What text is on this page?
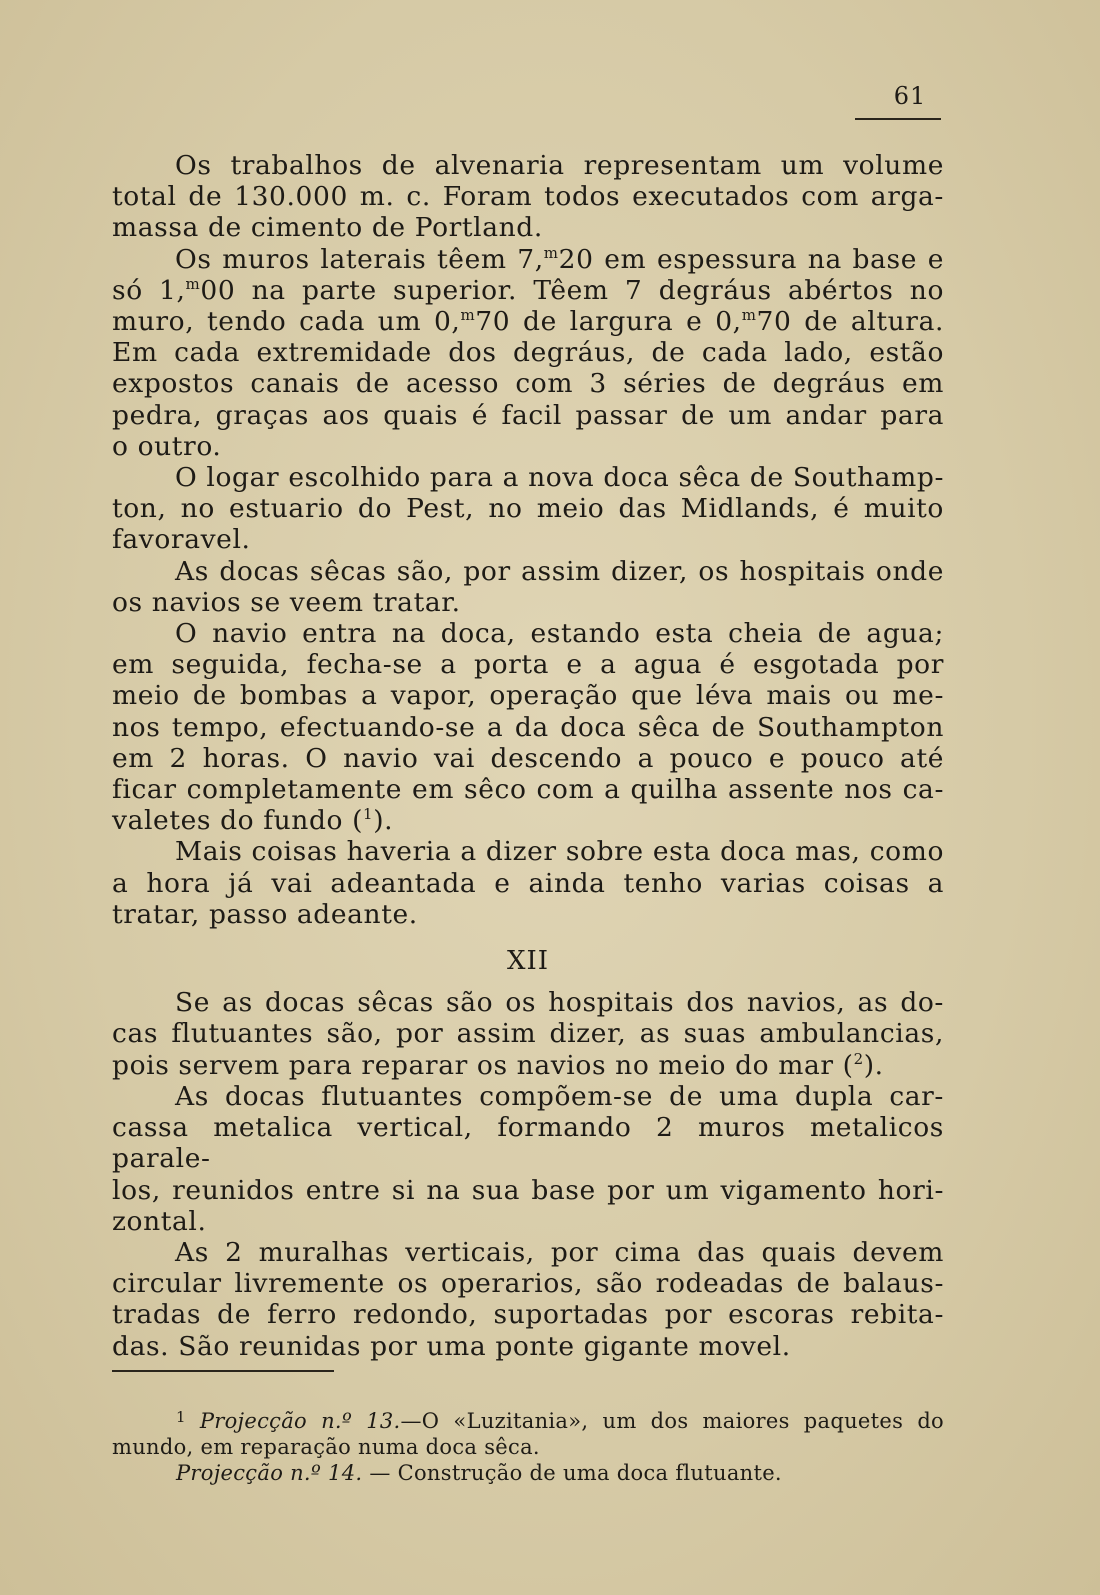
61

Os trabalhos de alvenaria representam um volume
total de 130.000 m. c. Foram todos executados com arga-
massa de cimento de Portland.

Os muros laterais têem 7,$^m$20 em espessura na base e
só 1,$^m$00 na parte superior. Têem 7 degráus abértos no
muro, tendo cada um 0,$^m$70 de largura e 0,$^m$70 de altura.
Em cada extremidade dos degráus, de cada lado, estão
expostos canais de acesso com 3 séries de degráus em
pedra, graças aos quais é facil passar de um andar para
o outro.

O logar escolhido para a nova doca sêca de Southamp-
ton, no estuario do Pest, no meio das Midlands, é muito
favoravel.

As docas sêcas são, por assim dizer, os hospitais onde
os navios se veem tratar.

O navio entra na doca, estando esta cheia de agua;
em seguida, fecha-se a porta e a agua é esgotada por
meio de bombas a vapor, operação que léva mais ou me-
nos tempo, efectuando-se a da doca sêca de Southampton
em 2 horas. O navio vai descendo a pouco e pouco até
ficar completamente em sêco com a quilha assente nos ca-
valetes do fundo ($^1$).

Mais coisas haveria a dizer sobre esta doca mas, como
a hora já vai adeantada e ainda tenho varias coisas a
tratar, passo adeante.

XII

Se as docas sêcas são os hospitais dos navios, as do-
cas flutuantes são, por assim dizer, as suas ambulancias,
pois servem para reparar os navios no meio do mar ($^2$).

As docas flutuantes compõem-se de uma dupla car-
cassa metalica vertical, formando 2 muros metalicos parale-
los, reunidos entre si na sua base por um vigamento hori-
zontal.

As 2 muralhas verticais, por cima das quais devem
circular livremente os operarios, são rodeadas de balaus-
tradas de ferro redondo, suportadas por escoras rebita-
das. São reunidas por uma ponte gigante movel.

$^1$ Projecção n.º 13.—O «Luzitania», um dos maiores paquetes do
mundo, em reparação numa doca sêca.
Projecção n.º 14. — Construção de uma doca flutuante.
